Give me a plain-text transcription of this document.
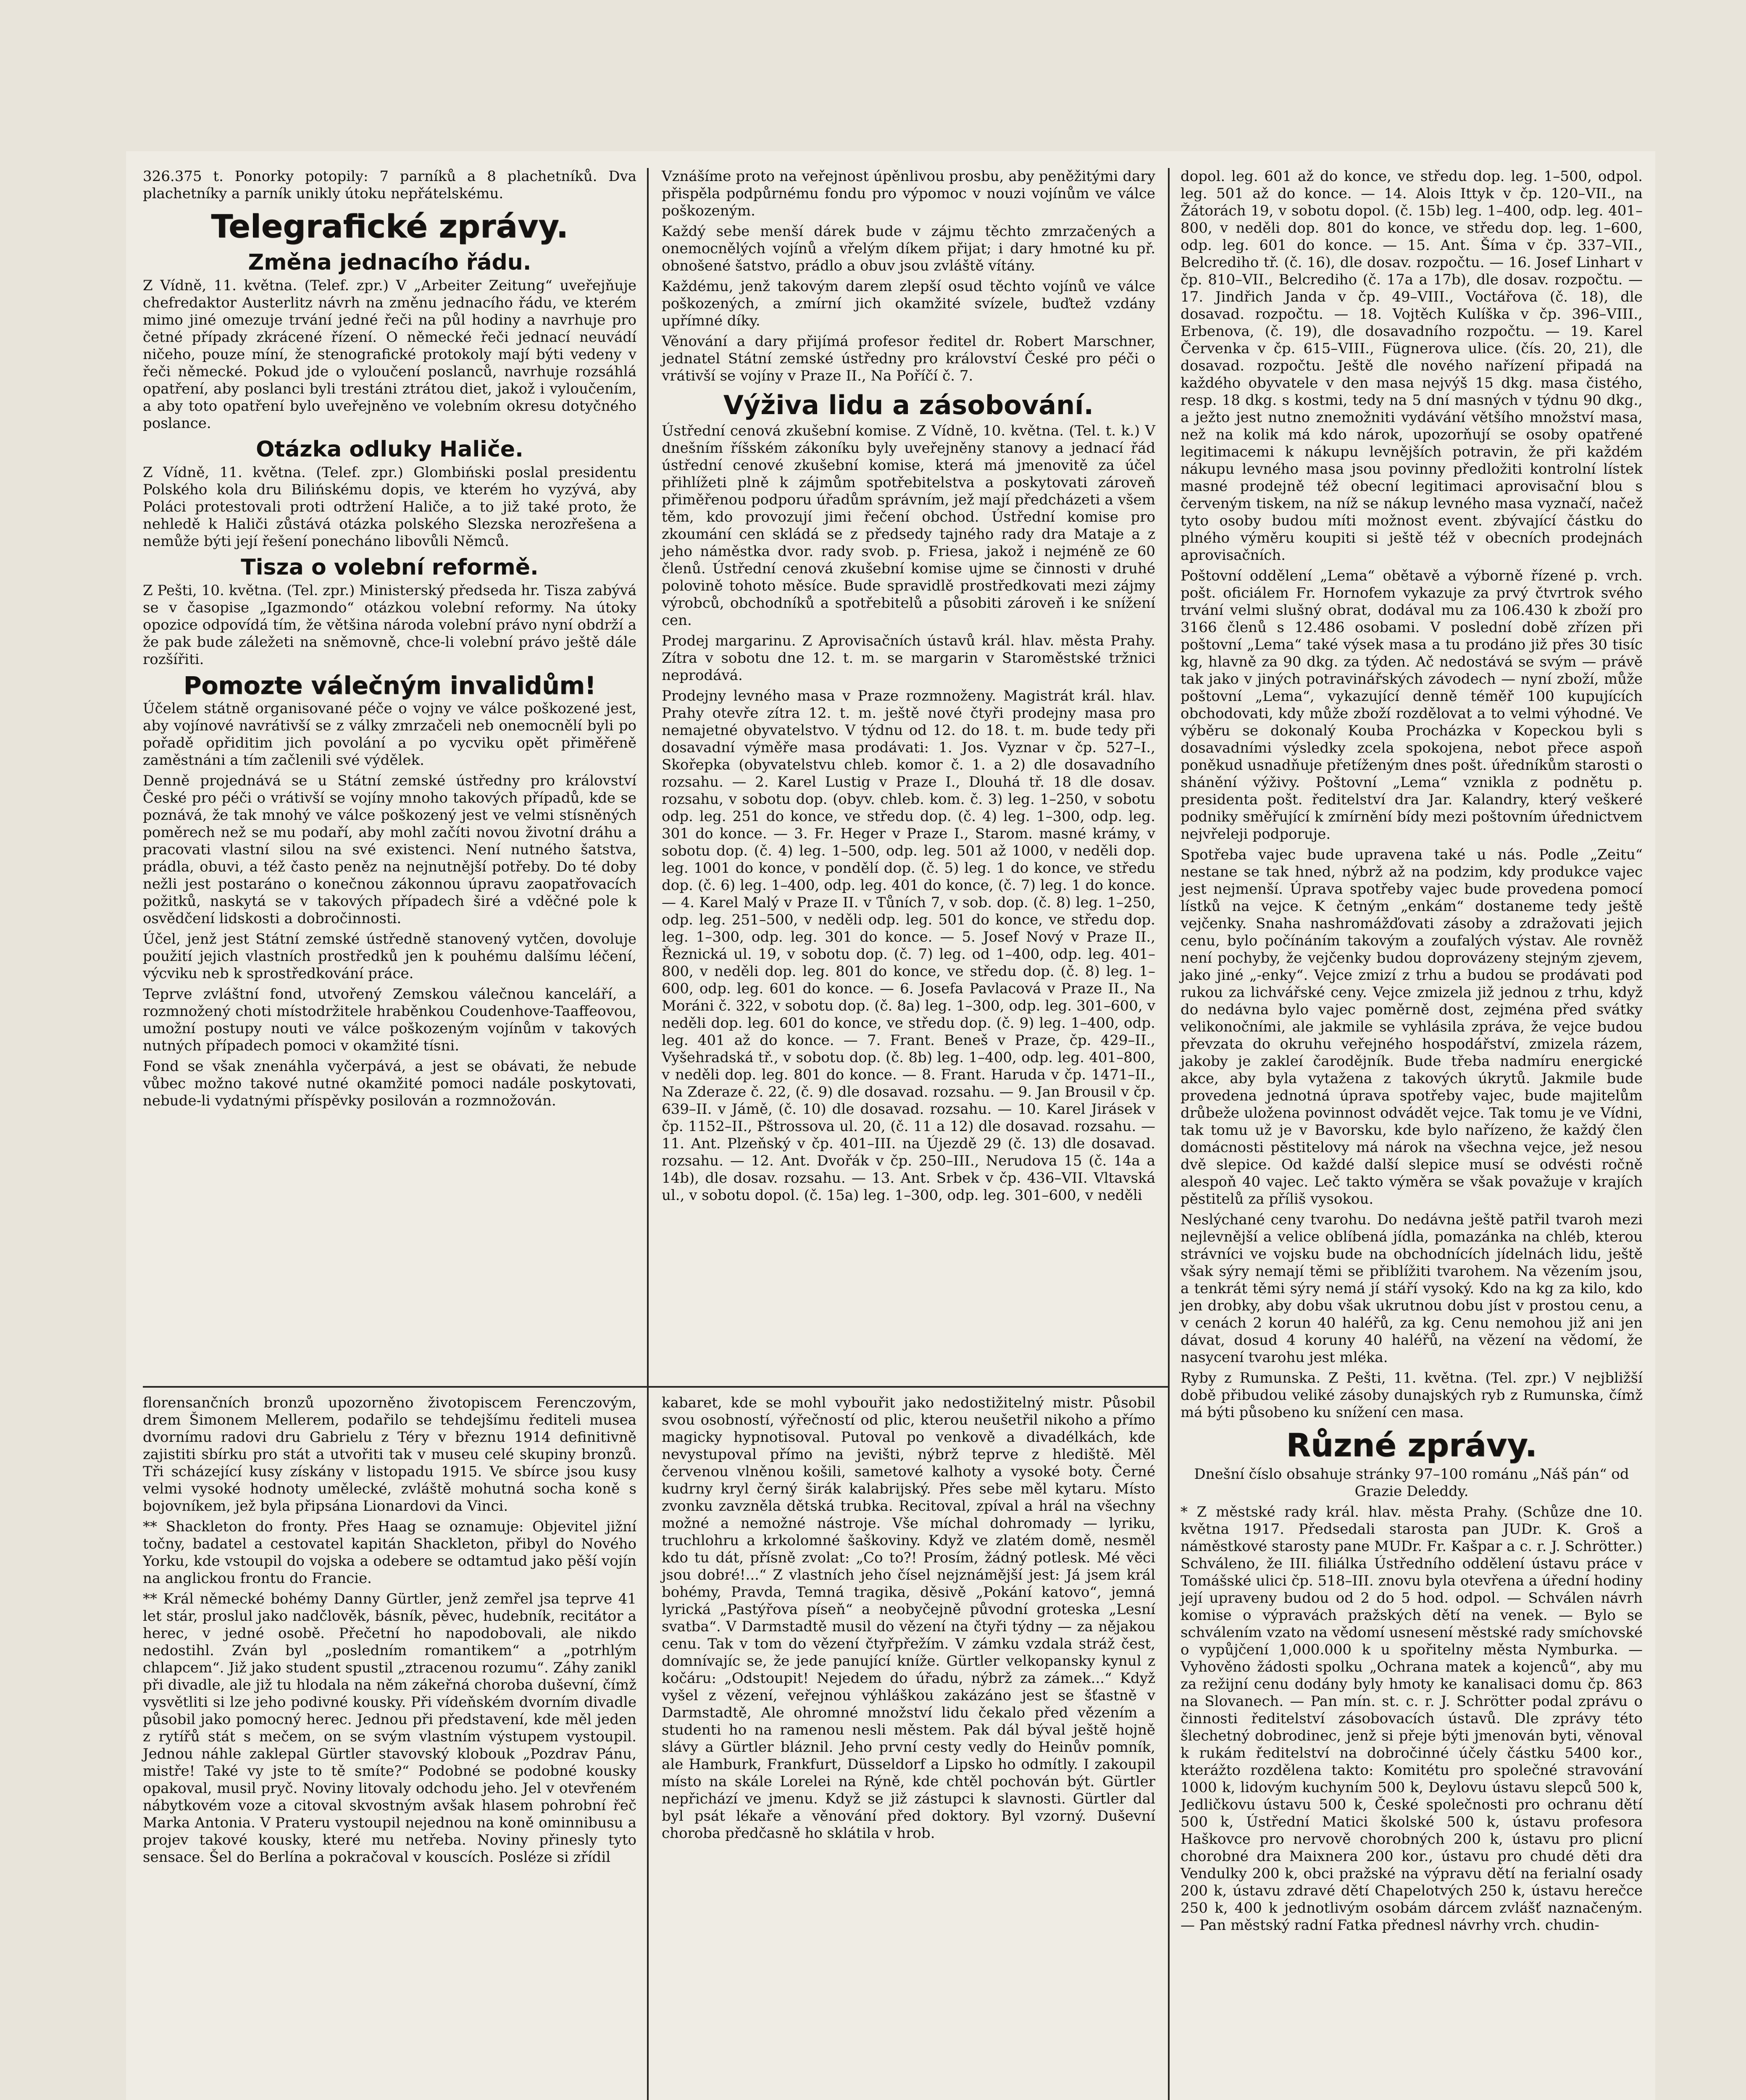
326.375 t. Ponorky potopily: 7 parníků a 8 plachetníků. Dva plachetníky a parník unikly útoku nepřátelskému.

Telegrafické zprávy.
Změna jednacího řádu.

Z Vídně, 11. května. (Telef. zpr.) V „Arbeiter Zeitung“ uveřejňuje chefredaktor Austerlitz návrh na změnu jednacího řádu, ve kterém mimo jiné omezuje trvání jedné řeči na půl hodiny a navrhuje pro četné případy zkrácené řízení. O německé řeči jednací neuvádí ničeho, pouze míní, že stenografické protokoly mají býti vedeny v řeči německé. Pokud jde o vyloučení poslanců, navrhuje rozsáhlá opatření, aby poslanci byli trestáni ztrátou diet, jakož i vyloučením, a aby toto opatření bylo uveřejněno ve volebním okresu dotyčného poslance.

Otázka odluky Haliče.

Z Vídně, 11. května. (Telef. zpr.) Glombiński poslal presidentu Polského kola dru Bilińskému dopis, ve kterém ho vyzývá, aby Poláci protestovali proti odtržení Haliče, a to již také proto, že nehledě k Haliči zůstává otázka polského Slezska nerozřešena a nemůže býti její řešení ponecháno libovůli Němců.

Tisza o volební reformě.

Z Pešti, 10. května. (Tel. zpr.) Ministerský předseda hr. Tisza zabývá se v časopise „Igazmondo“ otázkou volební reformy. Na útoky opozice odpovídá tím, že většina národa volební právo nyní obdrží a že pak bude záležeti na sněmovně, chce-li volební právo ještě dále rozšířiti.

Pomozte válečným invalidům!

Účelem státně organisované péče o vojny ve válce poškozené jest, aby vojínové navrátivší se z války zmrzačeli neb onemocnělí byli po pořadě opřiditim jich povolání a po vycviku opět přiměřeně zaměstnáni a tím začlenili své výdělek.

Denně projednává se u Státní zemské ústředny pro království České pro péči o vrátivší se vojíny mnoho takových případů, kde se poznává, že tak mnohý ve válce poškozený jest ve velmi stísněných poměrech než se mu podaří, aby mohl začíti novou životní dráhu a pracovati vlastní silou na své existenci. Není nutného šatstva, prádla, obuvi, a též často peněz na nejnutnější potřeby. Do té doby nežli jest postaráno o konečnou zákonnou úpravu zaopatřovacích požitků, naskytá se v takových případech širé a vděčné pole k osvědčení lidskosti a dobročinnosti.

Účel, jenž jest Státní zemské ústředně stanovený vytčen, dovoluje použití jejich vlastních prostředků jen k pouhému dalšímu léčení, výcviku neb k sprostředkování práce.

Teprve zvláštní fond, utvořený Zemskou válečnou kanceláří, a rozmnožený choti místodržitele hraběnkou Coudenhove-Taaffeovou, umožní postupy nouti ve válce poškozeným vojínům v takových nutných případech pomoci v okamžité tísni.

Fond se však znenáhla vyčerpává, a jest se obávati, že nebude vůbec možno takové nutné okamžité pomoci nadále poskytovati, nebude-li vydatnými příspěvky posilován a rozmnožován.

florensančních bronzů upozorněno životopiscem Ferenczovým, drem Šimonem Mellerem, podařilo se tehdejšímu řediteli musea dvornímu radovi dru Gabrielu z Téry v březnu 1914 definitivně zajistiti sbírku pro stát a utvořiti tak v museu celé skupiny bronzů. Tři scházející kusy získány v listopadu 1915. Ve sbírce jsou kusy velmi vysoké hodnoty umělecké, zvláště mohutná socha koně s bojovníkem, jež byla připsána Lionardovi da Vinci.

** Shackleton do fronty. Přes Haag se oznamuje: Objevitel jižní točny, badatel a cestovatel kapitán Shackleton, přibyl do Nového Yorku, kde vstoupil do vojska a odebere se odtamtud jako pěší vojín na anglickou frontu do Francie.

** Král německé bohémy Danny Gürtler, jenž zemřel jsa teprve 41 let stár, proslul jako nadčlověk, básník, pěvec, hudebník, recitátor a herec, v jedné osobě. Přečetní ho napodobovali, ale nikdo nedostihl. Zván byl „posledním romantikem“ a „potrhlým chlapcem“. Již jako student spustil „ztracenou rozumu“. Záhy zanikl při divadle, ale již tu hlodala na něm zákeřná choroba duševní, čímž vysvětliti si lze jeho podivné kousky. Při vídeňském dvorním divadle působil jako pomocný herec. Jednou při představení, kde měl jeden z rytířů stát s mečem, on se svým vlastním výstupem vystoupil. Jednou náhle zaklepal Gürtler stavovský klobouk „Pozdrav Pánu, mistře! Také vy jste to tě smíte?“ Podobné se podobné kousky opakoval, musil pryč. Noviny litovaly odchodu jeho. Jel v otevřeném nábytkovém voze a citoval skvostným avšak hlasem pohrobní řeč Marka Antonia. V Prateru vystoupil nejednou na koně ominnibusu a projev takové kousky, které mu netřeba. Noviny přinesly tyto sensace. Šel do Berlína a pokračoval v kouscích. Posléze si zřídil

Vznášíme proto na veřejnost úpěnlivou prosbu, aby peněžitými dary přispěla podpůrnému fondu pro výpomoc v nouzi vojínům ve válce poškozeným.

Každý sebe menší dárek bude v zájmu těchto zmrzačených a onemocnělých vojínů a vřelým díkem přijat; i dary hmotné ku př. obnošené šatstvo, prádlo a obuv jsou zvláště vítány.

Každému, jenž takovým darem zlepší osud těchto vojínů ve válce poškozených, a zmírní jich okamžité svízele, buďtež vzdány upřímné díky.

Věnování a dary přijímá profesor ředitel dr. Robert Marschner, jednatel Státní zemské ústředny pro království České pro péči o vrátivší se vojíny v Praze II., Na Poříčí č. 7.

Výživa lidu a zásobování.

Ústřední cenová zkušební komise. Z Vídně, 10. května. (Tel. t. k.) V dnešním říšském zákoníku byly uveřejněny stanovy a jednací řád ústřední cenové zkušební komise, která má jmenovitě za účel přihlížeti plně k zájmům spotřebitelstva a poskytovati zároveň přiměřenou podporu úřadům správním, jež mají předcházeti a všem těm, kdo provozují jimi řečení obchod. Ústřední komise pro zkoumání cen skládá se z předsedy tajného rady dra Mataje a z jeho náměstka dvor. rady svob. p. Friesa, jakož i nejméně ze 60 členů. Ústřední cenová zkušební komise ujme se činnosti v druhé polovině tohoto měsíce. Bude spravidlě prostředkovati mezi zájmy výrobců, obchodníků a spotřebitelů a působiti zároveň i ke snížení cen.

Prodej margarinu. Z Aprovisačních ústavů král. hlav. města Prahy. Zítra v sobotu dne 12. t. m. se margarin v Staroměstské tržnici neprodává.

Prodejny levného masa v Praze rozmnoženy. Magistrát král. hlav. Prahy otevře zítra 12. t. m. ještě nové čtyři prodejny masa pro nemajetné obyvatelstvo. V týdnu od 12. do 18. t. m. bude tedy při dosavadní výměře masa prodávati: 1. Jos. Vyznar v čp. 527–I., Skořepka (obyvatelstvu chleb. komor č. 1. a 2) dle dosavadního rozsahu. — 2. Karel Lustig v Praze I., Dlouhá tř. 18 dle dosav. rozsahu, v sobotu dop. (obyv. chleb. kom. č. 3) leg. 1–250, v sobotu odp. leg. 251 do konce, ve středu dop. (č. 4) leg. 1–300, odp. leg. 301 do konce. — 3. Fr. Heger v Praze I., Starom. masné krámy, v sobotu dop. (č. 4) leg. 1–500, odp. leg. 501 až 1000, v neděli dop. leg. 1001 do konce, v pondělí dop. (č. 5) leg. 1 do konce, ve středu dop. (č. 6) leg. 1–400, odp. leg. 401 do konce, (č. 7) leg. 1 do konce. — 4. Karel Malý v Praze II. v Tůních 7, v sob. dop. (č. 8) leg. 1–250, odp. leg. 251–500, v neděli odp. leg. 501 do konce, ve středu dop. leg. 1–300, odp. leg. 301 do konce. — 5. Josef Nový v Praze II., Řeznická ul. 19, v sobotu dop. (č. 7) leg. od 1–400, odp. leg. 401–800, v neděli dop. leg. 801 do konce, ve středu dop. (č. 8) leg. 1–600, odp. leg. 601 do konce. — 6. Josefa Pavlacová v Praze II., Na Moráni č. 322, v sobotu dop. (č. 8a) leg. 1–300, odp. leg. 301–600, v neděli dop. leg. 601 do konce, ve středu dop. (č. 9) leg. 1–400, odp. leg. 401 až do konce. — 7. Frant. Beneš v Praze, čp. 429–II., Vyšehradská tř., v sobotu dop. (č. 8b) leg. 1–400, odp. leg. 401–800, v neděli dop. leg. 801 do konce. — 8. Frant. Haruda v čp. 1471–II., Na Zderaze č. 22, (č. 9) dle dosavad. rozsahu. — 9. Jan Brousil v čp. 639–II. v Jámě, (č. 10) dle dosavad. rozsahu. — 10. Karel Jirásek v čp. 1152–II., Pštrossova ul. 20, (č. 11 a 12) dle dosavad. rozsahu. — 11. Ant. Plzeňský v čp. 401–III. na Újezdě 29 (č. 13) dle dosavad. rozsahu. — 12. Ant. Dvořák v čp. 250–III., Nerudova 15 (č. 14a a 14b), dle dosav. rozsahu. — 13. Ant. Srbek v čp. 436–VII. Vltavská ul., v sobotu dopol. (č. 15a) leg. 1–300, odp. leg. 301–600, v neděli

kabaret, kde se mohl vybouřit jako nedostižitelný mistr. Působil svou osobností, výřečností od plic, kterou neušetřil nikoho a přímo magicky hypnotisoval. Putoval po venkově a divadélkách, kde nevystupoval přímo na jevišti, nýbrž teprve z hlediště. Měl červenou vlněnou košili, sametové kalhoty a vysoké boty. Černé kudrny kryl černý širák kalabrijský. Přes sebe měl kytaru. Místo zvonku zavzněla dětská trubka. Recitoval, zpíval a hrál na všechny možné a nemožné nástroje. Vše míchal dohromady — lyriku, truchlohru a krkolomné šaškoviny. Když ve zlatém domě, nesměl kdo tu dát, přísně zvolat: „Co to?! Prosím, žádný potlesk. Mé věci jsou dobré!...“ Z vlastních jeho čísel nejznámější jest: Já jsem král bohémy, Pravda, Temná tragika, děsivě „Pokání katovo“, jemná lyrická „Pastýřova píseň“ a neobyčejně původní groteska „Lesní svatba“. V Darmstadtě musil do vězení na čtyři týdny — za nějakou cenu. Tak v tom do vězení čtyřpřežím. V zámku vzdala stráž čest, domnívajíc se, že jede panující kníže. Gürtler velkopansky kynul z kočáru: „Odstoupit! Nejedem do úřadu, nýbrž za zámek...“ Když vyšel z vězení, veřejnou výhláškou zakázáno jest se šťastně v Darmstadtě, Ale ohromné množství lidu čekalo před vězením a studenti ho na ramenou nesli městem. Pak dál býval ještě hojně slávy a Gürtler bláznil. Jeho první cesty vedly do Heinův pomník, ale Hamburk, Frankfurt, Düsseldorf a Lipsko ho odmítly. I zakoupil místo na skále Lorelei na Rýně, kde chtěl pochován být. Gürtler nepřichází ve jmenu. Když se již zástupci k slavnosti. Gürtler dal byl psát lékaře a věnování před doktory. Byl vzorný. Duševní choroba předčasně ho sklátila v hrob.

dopol. leg. 601 až do konce, ve středu dop. leg. 1–500, odpol. leg. 501 až do konce. — 14. Alois Ittyk v čp. 120–VII., na Žátorách 19, v sobotu dopol. (č. 15b) leg. 1–400, odp. leg. 401–800, v neděli dop. 801 do konce, ve středu dop. leg. 1–600, odp. leg. 601 do konce. — 15. Ant. Šíma v čp. 337–VII., Belcrediho tř. (č. 16), dle dosav. rozpočtu. — 16. Josef Linhart v čp. 810–VII., Belcrediho (č. 17a a 17b), dle dosav. rozpočtu. — 17. Jindřich Janda v čp. 49–VIII., Voctářova (č. 18), dle dosavad. rozpočtu. — 18. Vojtěch Kulíška v čp. 396–VIII., Erbenova, (č. 19), dle dosavadního rozpočtu. — 19. Karel Červenka v čp. 615–VIII., Fügnerova ulice. (čís. 20, 21), dle dosavad. rozpočtu. Ještě dle nového nařízení připadá na každého obyvatele v den masa nejvýš 15 dkg. masa čistého, resp. 18 dkg. s kostmi, tedy na 5 dní masných v týdnu 90 dkg., a ježto jest nutno znemožniti vydávání většího množství masa, než na kolik má kdo nárok, upozorňují se osoby opatřené legitimacemi k nákupu levnějších potravin, že při každém nákupu levného masa jsou povinny předložiti kontrolní lístek masné prodejně též obecní legitimaci aprovisační blou s červeným tiskem, na níž se nákup levného masa vyznačí, načež tyto osoby budou míti možnost event. zbývající částku do plného výměru koupiti si ještě též v obecních prodejnách aprovisačních.

Poštovní oddělení „Lema“ obětavě a výborně řízené p. vrch. pošt. oficiálem Fr. Hornofem vykazuje za prvý čtvrtrok svého trvání velmi slušný obrat, dodával mu za 106.430 k zboží pro 3166 členů s 12.486 osobami. V poslední době zřízen při poštovní „Lema“ také výsek masa a tu prodáno již přes 30 tisíc kg, hlavně za 90 dkg. za týden. Ač nedostává se svým — právě tak jako v jiných potravinářských závodech — nyní zboží, může poštovní „Lema“, vykazující denně téměř 100 kupujících obchodovati, kdy může zboží rozdělovat a to velmi výhodné. Ve výběru se dokonalý Kouba Procházka v Kopeckou byli s dosavadními výsledky zcela spokojena, nebot přece aspoň poněkud usnadňuje přetíženým dnes pošt. úředníkům starosti o shánění výživy. Poštovní „Lema“ vznikla z podnětu p. presidenta pošt. ředitelství dra Jar. Kalandry, který veškeré podniky směřující k zmírnění bídy mezi poštovním úřednictvem nejvřeleji podporuje.

Spotřeba vajec bude upravena také u nás. Podle „Zeitu“ nestane se tak hned, nýbrž až na podzim, kdy produkce vajec jest nejmenší. Úprava spotřeby vajec bude provedena pomocí lístků na vejce. K četným „enkám“ dostaneme tedy ještě vejčenky. Snaha nashromážďovati zásoby a zdražovati jejich cenu, bylo počínáním takovým a zoufalých výstav. Ale rovněž není pochyby, že vejčenky budou doprovázeny stejným zjevem, jako jiné „-enky“. Vejce zmizí z trhu a budou se prodávati pod rukou za lichvářské ceny. Vejce zmizela již jednou z trhu, když do nedávna bylo vajec poměrně dost, zejména před svátky velikonočními, ale jakmile se vyhlásila zpráva, že vejce budou převzata do okruhu veřejného hospodářství, zmizela rázem, jakoby je zakleí čarodějník. Bude třeba nadmíru energické akce, aby byla vytažena z takových úkrytů. Jakmile bude provedena jednotná úprava spotřeby vajec, bude majitelům drůbeže uložena povinnost odvádět vejce. Tak tomu je ve Vídni, tak tomu už je v Bavorsku, kde bylo nařízeno, že každý člen domácnosti pěstitelovy má nárok na všechna vejce, jež nesou dvě slepice. Od každé další slepice musí se odvésti ročně alespoň 40 vajec. Leč takto výměra se však považuje v krajích pěstitelů za příliš vysokou.

Neslýchané ceny tvarohu. Do nedávna ještě patřil tvaroh mezi nejlevnější a velice oblíbená jídla, pomazánka na chléb, kterou strávníci ve vojsku bude na obchodnících jídelnách lidu, ještě však sýry nemají těmi se přiblížiti tvarohem. Na vězením jsou, a tenkrát těmi sýry nemá jí stáří vysoký. Kdo na kg za kilo, kdo jen drobky, aby dobu však ukrutnou dobu jíst v prostou cenu, a v cenách 2 korun 40 haléřů, za kg. Cenu nemohou již ani jen dávat, dosud 4 koruny 40 haléřů, na vězení na vědomí, že nasycení tvarohu jest mléka.

Ryby z Rumunska. Z Pešti, 11. května. (Tel. zpr.) V nejbližší době přibudou veliké zásoby dunajských ryb z Rumunska, čímž má býti působeno ku snížení cen masa.

Různé zprávy.

Dnešní číslo obsahuje stránky 97–100 románu „Náš pán“ od Grazie Deleddy.

* Z městské rady král. hlav. města Prahy. (Schůze dne 10. května 1917. Předsedali starosta pan JUDr. K. Groš a náměstkové starosty pane MUDr. Fr. Kašpar a c. r. J. Schrötter.) Schváleno, že III. filiálka Ústředního oddělení ústavu práce v Tomášské ulici čp. 518–III. znovu byla otevřena a úřední hodiny její upraveny budou od 2 do 5 hod. odpol. — Schválen návrh komise o výpravách pražských dětí na venek. — Bylo se schválením vzato na vědomí usnesení městské rady smíchovské o vypůjčení 1,000.000 k u spořitelny města Nymburka. — Vyhověno žádosti spolku „Ochrana matek a kojenců“, aby mu za režijní cenu dodány byly hmoty ke kanalisaci domu čp. 863 na Slovanech. — Pan mín. st. c. r. J. Schrötter podal zprávu o činnosti ředitelství zásobovacích ústavů. Dle zprávy této šlechetný dobrodinec, jenž si přeje býti jmenován byti, věnoval k rukám ředitelství na dobročinné účely částku 5400 kor., kterážto rozdělena takto: Komitétu pro společné stravování 1000 k, lidovým kuchyním 500 k, Deylovu ústavu slepců 500 k, Jedličkovu ústavu 500 k, České společnosti pro ochranu dětí 500 k, Ústřední Matici školské 500 k, ústavu profesora Haškovce pro nervově chorobných 200 k, ústavu pro plicní chorobné dra Maixnera 200 kor., ústavu pro chudé děti dra Vendulky 200 k, obci pražské na výpravu dětí na ferialní osady 200 k, ústavu zdravé dětí Chapelotvých 250 k, ústavu herečce 250 k, 400 k jednotlivým osobám dárcem zvlášť naznačeným. — Pan městský radní Fatka přednesl návrhy vrch. chudin-
